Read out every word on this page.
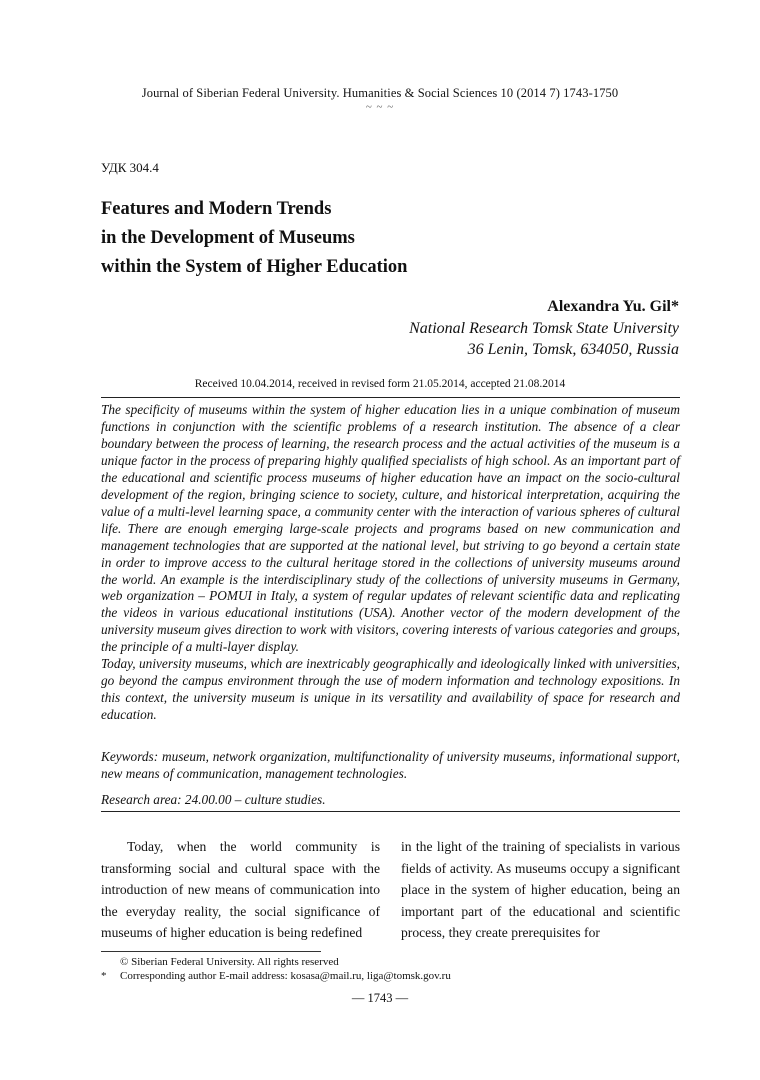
Journal of Siberian Federal University. Humanities & Social Sciences 10 (2014 7) 1743-1750
~ ~ ~
УДК 304.4
Features and Modern Trends
in the Development of Museums
within the System of Higher Education
Alexandra Yu. Gil*
National Research Tomsk State University
36 Lenin, Tomsk, 634050, Russia
Received 10.04.2014, received in revised form 21.05.2014, accepted 21.08.2014

The specificity of museums within the system of higher education lies in a unique combination of museum functions in conjunction with the scientific problems of a research institution. The absence of a clear boundary between the process of learning, the research process and the actual activities of the museum is a unique factor in the process of preparing highly qualified specialists of high school. As an important part of the educational and scientific process museums of higher education have an impact on the socio-cultural development of the region, bringing science to society, culture, and historical interpretation, acquiring the value of a multi-level learning space, a community center with the interaction of various spheres of cultural life. There are enough emerging large-scale projects and programs based on new communication and management technologies that are supported at the national level, but striving to go beyond a certain state in order to improve access to the cultural heritage stored in the collections of university museums around the world. An example is the interdisciplinary study of the collections of university museums in Germany, web organization – POMUI in Italy, a system of regular updates of relevant scientific data and replicating the videos in various educational institutions (USA). Another vector of the modern development of the university museum gives direction to work with visitors, covering interests of various categories and groups, the principle of a multi-layer display.

Today, university museums, which are inextricably geographically and ideologically linked with universities, go beyond the campus environment through the use of modern information and technology expositions. In this context, the university museum is unique in its versatility and availability of space for research and education.

Keywords: museum, network organization, multifunctionality of university museums, informational support, new means of communication, management technologies.
Research area: 24.00.00 – culture studies.

Today, when the world community is transforming social and cultural space with the introduction of new means of communication into the everyday reality, the social significance of museums of higher education is being redefined

in the light of the training of specialists in various fields of activity. As museums occupy a significant place in the system of higher education, being an important part of the educational and scientific process, they create prerequisites for

© Siberian Federal University. All rights reserved
* Corresponding author E-mail address: kosasa@mail.ru, liga@tomsk.gov.ru
— 1743 —
